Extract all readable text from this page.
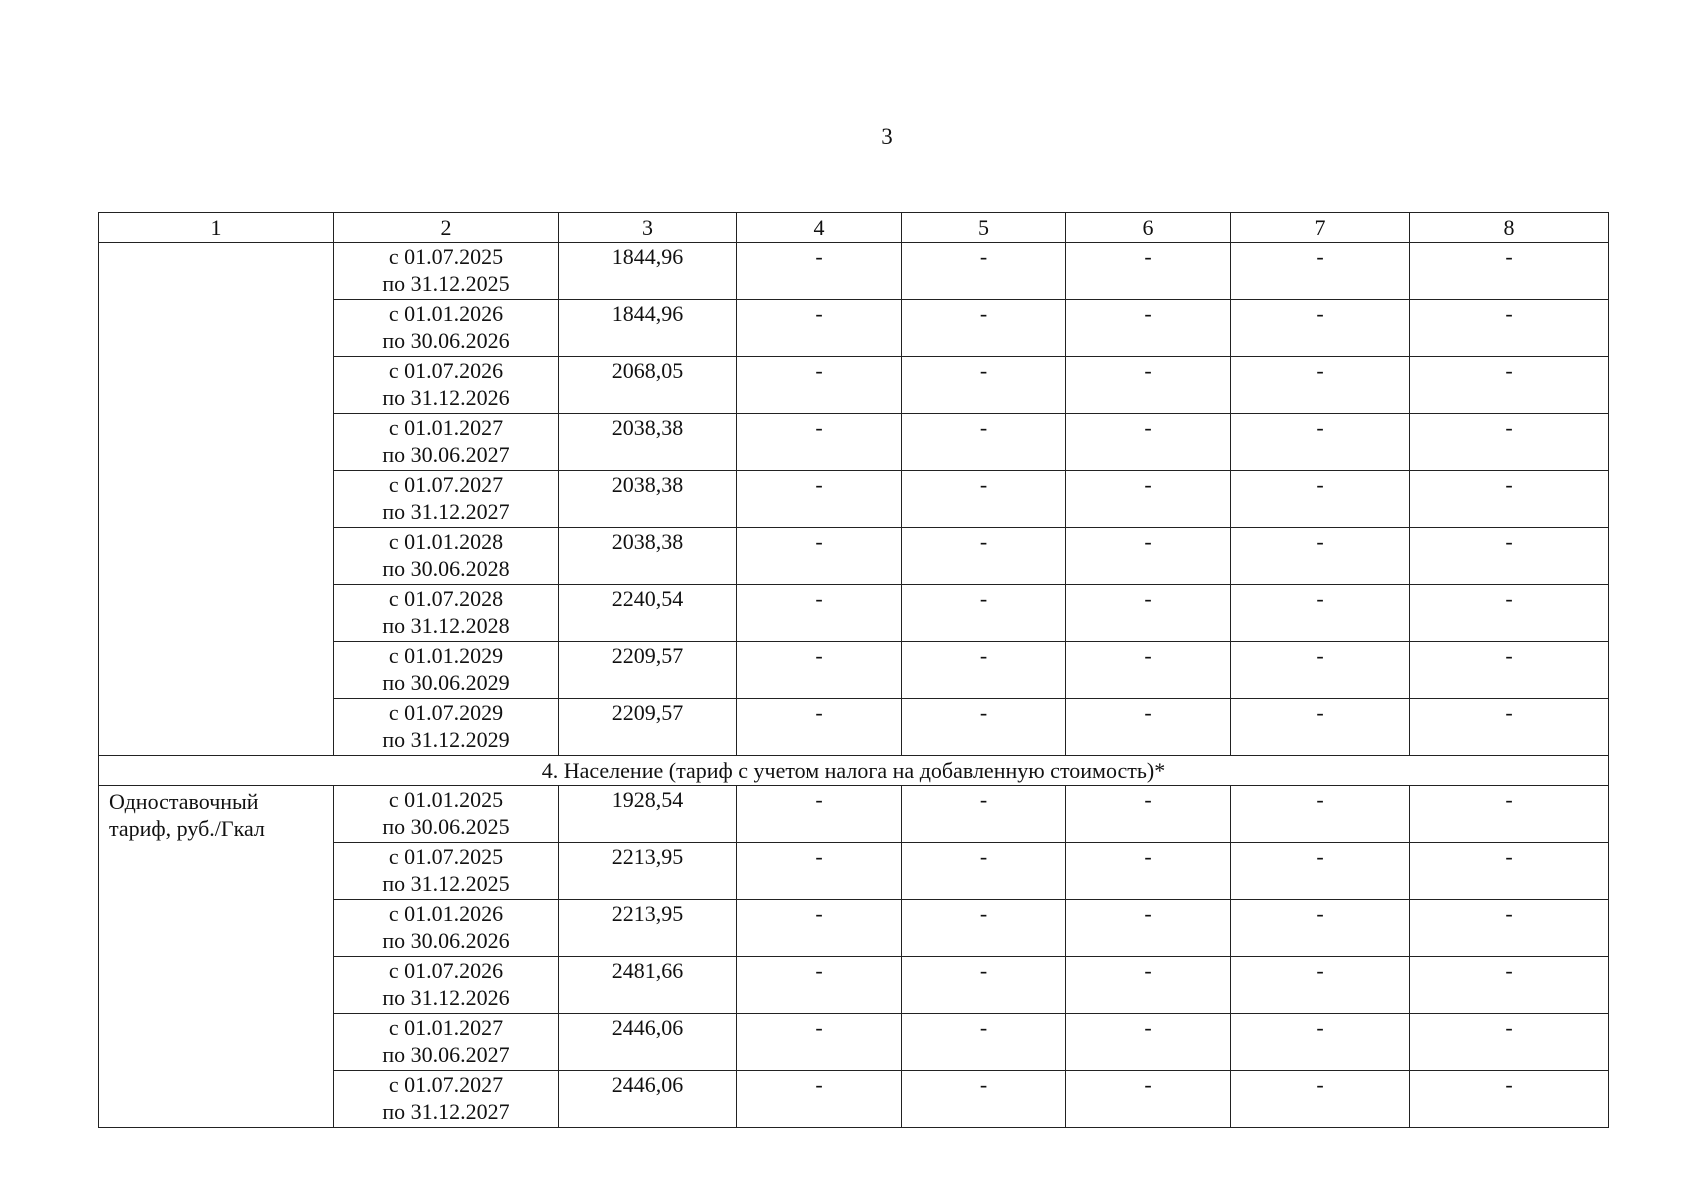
3
1	2	3	4	5	6	7	8

	с 01.07.2025
по 31.12.2025	1844,96	-	-	-	-	-

	с 01.01.2026
по 30.06.2026	1844,96	-	-	-	-	-

	с 01.07.2026
по 31.12.2026	2068,05	-	-	-	-	-

	с 01.01.2027
по 30.06.2027	2038,38	-	-	-	-	-

	с 01.07.2027
по 31.12.2027	2038,38	-	-	-	-	-

	с 01.01.2028
по 30.06.2028	2038,38	-	-	-	-	-

	с 01.07.2028
по 31.12.2028	2240,54	-	-	-	-	-

	с 01.01.2029
по 30.06.2029	2209,57	-	-	-	-	-

	с 01.07.2029
по 31.12.2029	2209,57	-	-	-	-	-
4. Население (тариф с учетом налога на добавленную стоимость)*							

Одноставочный
тариф, руб./Гкал	с 01.01.2025
по 30.06.2025	1928,54	-	-	-	-	-

	с 01.07.2025
по 31.12.2025	2213,95	-	-	-	-	-

	с 01.01.2026
по 30.06.2026	2213,95	-	-	-	-	-

	с 01.07.2026
по 31.12.2026	2481,66	-	-	-	-	-

	с 01.01.2027
по 30.06.2027	2446,06	-	-	-	-	-

	с 01.07.2027
по 31.12.2027	2446,06	-	-	-	-	-
